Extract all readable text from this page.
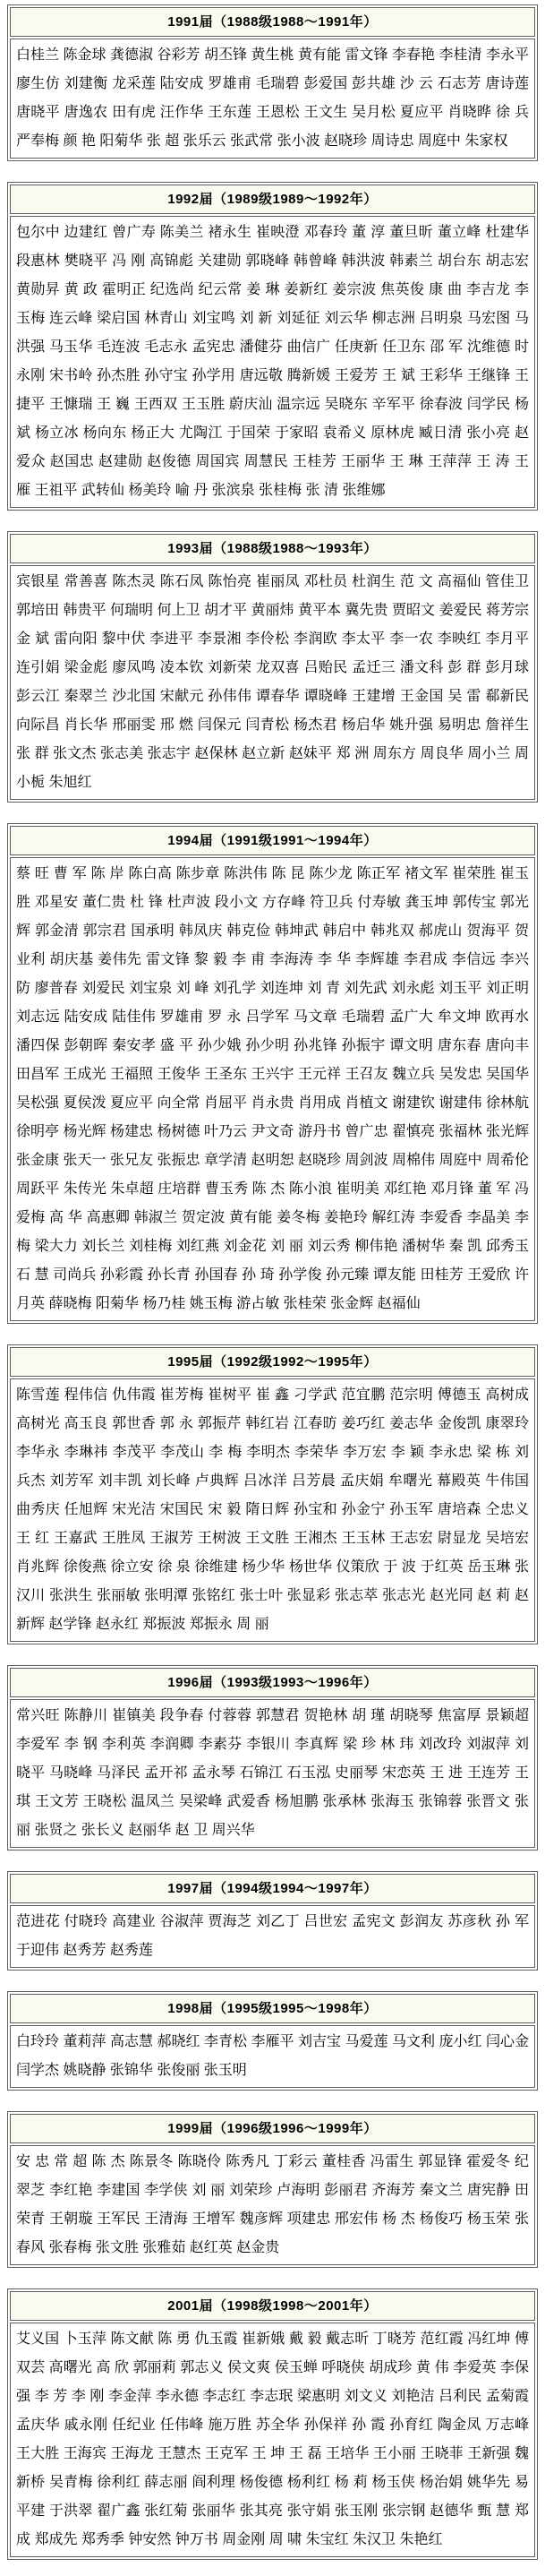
1991届（1988级1988～1991年）
白桂兰 陈金球 龚德淑 谷彩芳 胡丕锋 黄生桃 黄有能 雷文锋 李春艳 李桂清 李永平 廖生仿 刘建衡 龙采莲 陆安成 罗雄甫 毛瑞碧 彭爱国 彭共雄 沙 云 石志芳 唐诗莲 唐晓平 唐逸农 田有虎 汪作华 王东莲 王恩松 王文生 吴月松 夏应平 肖晓晔 徐 兵 严奉梅 颜 艳 阳菊华 张 超 张乐云 张武常 张小波 赵晓珍 周诗忠 周庭中 朱家权
1992届（1989级1989～1992年）
包尔中 边建红 曾广寿 陈美兰 褚永生 崔映澄 邓春玲 董 淳 董旦昕 董立峰 杜建华 段惠林 樊晓平 冯 刚 高锦彪 关建勋 郭晓峰 韩曾峰 韩洪波 韩素兰 胡台东 胡志宏 黄勋昇 黄 政 霍明正 纪选尚 纪云常 姜 琳 姜新红 姜宗波 焦英俊 康 曲 李吉龙 李玉梅 连云峰 梁启国 林青山 刘宝鸣 刘 新 刘延征 刘云华 柳志洲 吕明泉 马宏图 马洪强 马玉华 毛连波 毛志永 孟宪忠 潘健芬 曲信广 任庚新 任卫东 邵 军 沈维德 时永刚 宋书岭 孙杰胜 孙守宝 孙学用 唐远敬 腾新媛 王爱芳 王 斌 王彩华 王继锋 王捷平 王慷瑞 王 巍 王西双 王玉胜 蔚庆汕 温宗远 吴晓东 辛军平 徐春波 闫学民 杨 斌 杨立冰 杨向东 杨正大 尤陶江 于国荣 于家昭 袁希义 原林虎 臧日清 张小亮 赵爱众 赵国忠 赵建勋 赵俊德 周国宾 周慧民 王桂芳 王丽华 王 琳 王萍萍 王 涛 王 雁 王祖平 武转仙 杨美玲 喻 丹 张滨泉 张桂梅 张 清 张维娜
1993届（1988级1988～1993年）
宾银星 常善喜 陈杰灵 陈石凤 陈怡亮 崔丽凤 邓杜员 杜润生 范 文 高福仙 管佳卫 郭培田 韩贵平 何瑞明 何上卫 胡才平 黄丽炜 黄平本 冀先贵 贾昭文 姜爱民 蒋芳宗 金 斌 雷向阳 黎中伏 李进平 李景湘 李伶松 李润欧 李太平 李一农 李映红 李月平 连引娟 梁金彪 廖凤鸣 凌本钦 刘新荣 龙双喜 吕贻民 孟迁三 潘文科 彭 群 彭月球 彭云江 秦翠兰 沙北国 宋献元 孙伟伟 谭春华 谭晓峰 王建增 王金国 吴 雷 郗新民 向际昌 肖长华 邢丽雯 邢 燃 闫保元 闫青松 杨杰君 杨启华 姚升强 易明忠 詹祥生 张 群 张文杰 张志美 张志宇 赵保林 赵立新 赵妹平 郑 洲 周东方 周良华 周小兰 周小栀 朱旭红
1994届（1991级1991～1994年）
蔡 旺 曹 军 陈 岸 陈白高 陈步章 陈洪伟 陈 昆 陈少龙 陈正军 褚文军 崔荣胜 崔玉胜 邓星安 董仁贵 杜 锋 杜声波 段小文 方存峰 符卫兵 付寿敏 龚玉坤 郭传宝 郭光辉 郭金清 郭宗君 国承明 韩凤庆 韩克俭 韩坤武 韩启中 韩兆双 郝虎山 贺海平 贺业利 胡庆基 姜伟先 雷文锋 黎 毅 李 甫 李海涛 李 华 李辉雄 李君成 李信远 李兴防 廖普春 刘爱民 刘宝泉 刘 峰 刘孔学 刘连坤 刘 青 刘先武 刘永彪 刘玉平 刘正明 刘志远 陆安成 陆佳伟 罗雄甫 罗 永 吕学军 马文章 毛瑞碧 孟广大 牟文坤 欧再水 潘四保 彭朝晖 秦安孝 盛 平 孙少娥 孙少明 孙兆锋 孙振宇 谭文明 唐东春 唐向丰 田昌军 王成光 王福照 王俊华 王圣东 王兴宇 王元祥 王召友 魏立兵 吴发忠 吴国华 吴松强 夏侯泼 夏应平 向全常 肖屈平 肖永贵 肖用成 肖植文 谢建钦 谢建伟 徐林航 徐明亭 杨光辉 杨建忠 杨树德 叶乃云 尹文奇 游丹书 曾广忠 翟慎亮 张福林 张光辉 张金康 张天一 张兄友 张振忠 章学清 赵明恕 赵晓珍 周剑波 周棉伟 周庭中 周希伦 周跃平 朱传光 朱卓超 庄培群 曹玉秀 陈 杰 陈小浪 崔明美 邓红艳 邓月锋 董 军 冯爱梅 高 华 高惠卿 韩淑兰 贺定波 黄有能 姜冬梅 姜艳玲 解红涛 李爱香 李晶美 李 梅 梁大力 刘长兰 刘桂梅 刘红燕 刘金花 刘 丽 刘云秀 柳伟艳 潘树华 秦 凯 邱秀玉 石 慧 司尚兵 孙彩霞 孙长青 孙国春 孙 琦 孙学俊 孙元臻 谭友能 田桂芳 王爱欣 许月英 薛晓梅 阳菊华 杨乃桂 姚玉梅 游占敏 张桂荣 张金辉 赵福仙
1995届（1992级1992～1995年）
陈雪莲 程伟信 仇伟霞 崔芳梅 崔树平 崔 鑫 刁学武 范宜鹏 范宗明 傅德玉 高树成 高树光 高玉良 郭世香 郭 永 郭振芹 韩红岩 江春昉 姜巧红 姜志华 金俊凯 康翠玲 李华永 李琳祎 李茂平 李茂山 李 梅 李明杰 李荣华 李万宏 李 颖 李永忠 梁 栋 刘兵杰 刘芳军 刘丰凯 刘长峰 卢典辉 吕冰洋 吕芳晨 孟庆娟 牟曙光 幕殿英 牛伟国 曲秀庆 任旭辉 宋光洁 宋国民 宋 毅 隋日辉 孙宝和 孙金宁 孙玉军 唐培森 仝忠义 王 红 王嘉武 王胜凤 王淑芳 王树波 王文胜 王湘杰 王玉林 王志宏 尉显龙 吴培宏 肖兆辉 徐俊燕 徐立安 徐 泉 徐维建 杨少华 杨世华 仪策欣 于 波 于红英 岳玉琳 张汉川 张洪生 张丽敏 张明潭 张铭红 张士叶 张显彩 张志萃 张志光 赵光同 赵 莉 赵新辉 赵学锋 赵永红 郑振波 郑振永 周 丽
1996届（1993级1993～1996年）
常兴旺 陈静川 崔镇美 段争春 付蓉蓉 郭慧君 贺艳林 胡 瑾 胡晓琴 焦富厚 景颖超 李爱军 李 钢 李利英 李润卿 李素芬 李银川 李真辉 梁 珍 林 玮 刘改玲 刘淑萍 刘晓平 马晓峰 马泽民 孟开祁 孟永琴 石锦江 石玉泓 史丽琴 宋恋英 王 进 王连芳 王 琪 王文芳 王晓松 温凤兰 吴梁峰 武爱香 杨旭鹏 张承林 张海玉 张锦蓉 张晋文 张 丽 张贤之 张长义 赵丽华 赵 卫 周兴华
1997届（1994级1994～1997年）
范进花 付晓玲 高建业 谷淑萍 贾海芝 刘乙丁 吕世宏 孟宪文 彭润友 苏彦秋 孙 军 于迎伟 赵秀芳 赵秀莲
1998届（1995级1995～1998年）
白玲玲 董莉萍 高志慧 郝晓红 李青松 李雁平 刘吉宝 马爱莲 马文利 庞小红 闫心金 闫学杰 姚晓静 张锦华 张俊丽 张玉明
1999届（1996级1996～1999年）
安 忠 常 超 陈 杰 陈景冬 陈晓伶 陈秀凡 丁彩云 董桂香 冯雷生 郭显锋 霍爱冬 纪翠芝 李红艳 李建国 李学侠 刘 丽 刘荣珍 卢海明 彭丽君 齐海芳 秦文兰 唐宪静 田荣青 王朝璇 王军民 王清海 王增军 魏彦辉 项建忠 邢宏伟 杨 杰 杨俊巧 杨玉荣 张春风 张春梅 张文胜 张雅茹 赵红英 赵金贵
2001届（1998级1998～2001年）
艾义国 卜玉萍 陈文献 陈 勇 仇玉霞 崔新娥 戴 毅 戴志昕 丁晓芳 范红霞 冯红坤 傅双芸 高曙光 高 欣 郭丽莉 郭志义 侯文爽 侯玉蝉 呼晓侠 胡成珍 黄 伟 李爱英 李保强 李 芳 李 刚 李金萍 李永德 李志红 李志珉 梁惠明 刘文义 刘艳洁 吕利民 孟菊霞 孟庆华 戚永刚 任纪业 任伟峰 施万胜 苏全华 孙保祥 孙 霞 孙育红 陶金凤 万志峰 王大胜 王海宾 王海龙 王慧杰 王克军 王 坤 王 磊 王培华 王小丽 王晓菲 王新强 魏新桥 吴青梅 徐利红 薛志丽 阎利理 杨俊德 杨利红 杨 莉 杨玉侠 杨治娟 姚华先 易平建 于洪翠 翟广鑫 张红菊 张丽华 张其亮 张守娟 张玉刚 张宗钢 赵德华 甄 慧 郑 成 郑成先 郑秀季 钟安然 钟万书 周金刚 周 啸 朱宝红 朱汉卫 朱艳红
